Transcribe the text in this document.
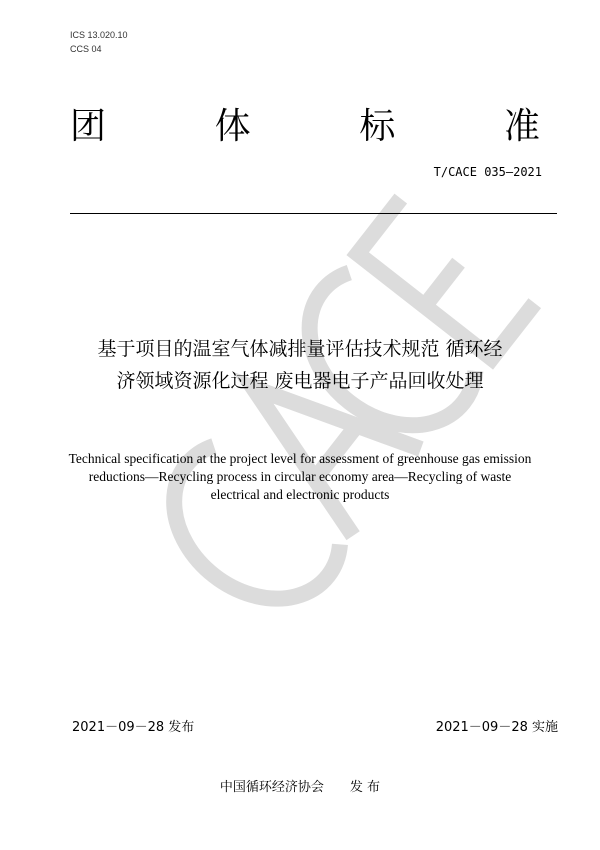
ICS 13.020.10
CCS 04
团	体	标	准
T/CACE 035—2021
基于项目的温室气体减排量评估技术规范 循环经
济领域资源化过程 废电器电子产品回收处理
Technical specification at the project level for assessment of greenhouse gas emission
reductions—Recycling process in circular economy area—Recycling of waste
electrical and electronic products
2021－09－28 发布	2021－09－28 实施
中国循环经济协会　　发 布
